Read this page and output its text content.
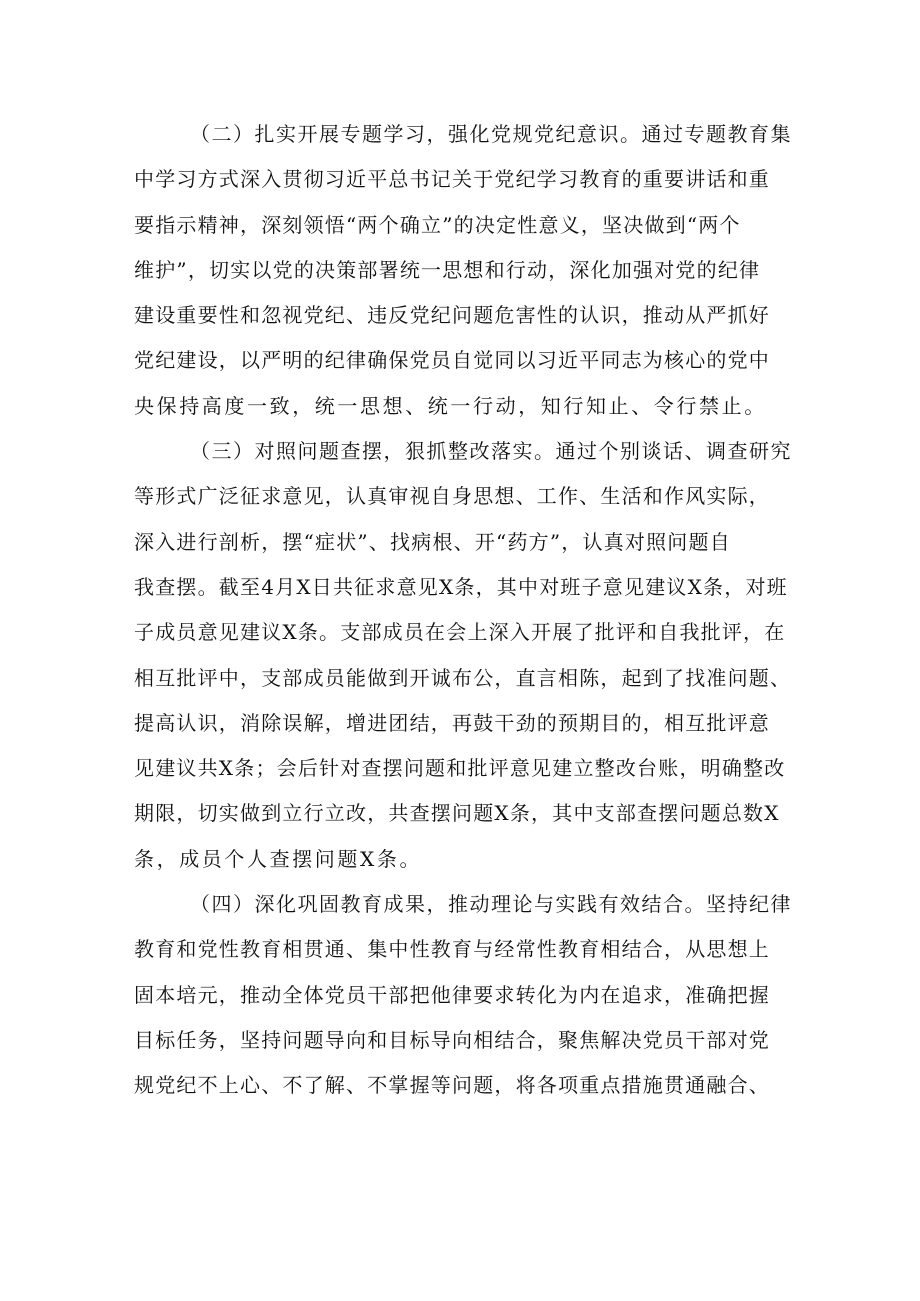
（二）扎实开展专题学习，强化党规党纪意识。通过专题教育集
中学习方式深入贯彻习近平总书记关于党纪学习教育的重要讲话和重
要指示精神，深刻领悟“两个确立”的决定性意义，坚决做到“两个
维护”，切实以党的决策部署统一思想和行动，深化加强对党的纪律
建设重要性和忽视党纪、违反党纪问题危害性的认识，推动从严抓好
党纪建设，以严明的纪律确保党员自觉同以习近平同志为核心的党中
央保持高度一致，统一思想、统一行动，知行知止、令行禁止。
（三）对照问题查摆，狠抓整改落实。通过个别谈话、调查研究
等形式广泛征求意见，认真审视自身思想、工作、生活和作风实际，
深入进行剖析，摆“症状”、找病根、开“药方”，认真对照问题自
我查摆。截至4月X日共征求意见X条，其中对班子意见建议X条，对班
子成员意见建议X条。支部成员在会上深入开展了批评和自我批评，在
相互批评中，支部成员能做到开诚布公，直言相陈，起到了找准问题、
提高认识，消除误解，增进团结，再鼓干劲的预期目的，相互批评意
见建议共X条；会后针对查摆问题和批评意见建立整改台账，明确整改
期限，切实做到立行立改，共查摆问题X条，其中支部查摆问题总数X
条，成员个人查摆问题X条。
（四）深化巩固教育成果，推动理论与实践有效结合。坚持纪律
教育和党性教育相贯通、集中性教育与经常性教育相结合，从思想上
固本培元，推动全体党员干部把他律要求转化为内在追求，准确把握
目标任务，坚持问题导向和目标导向相结合，聚焦解决党员干部对党
规党纪不上心、不了解、不掌握等问题，将各项重点措施贯通融合、
